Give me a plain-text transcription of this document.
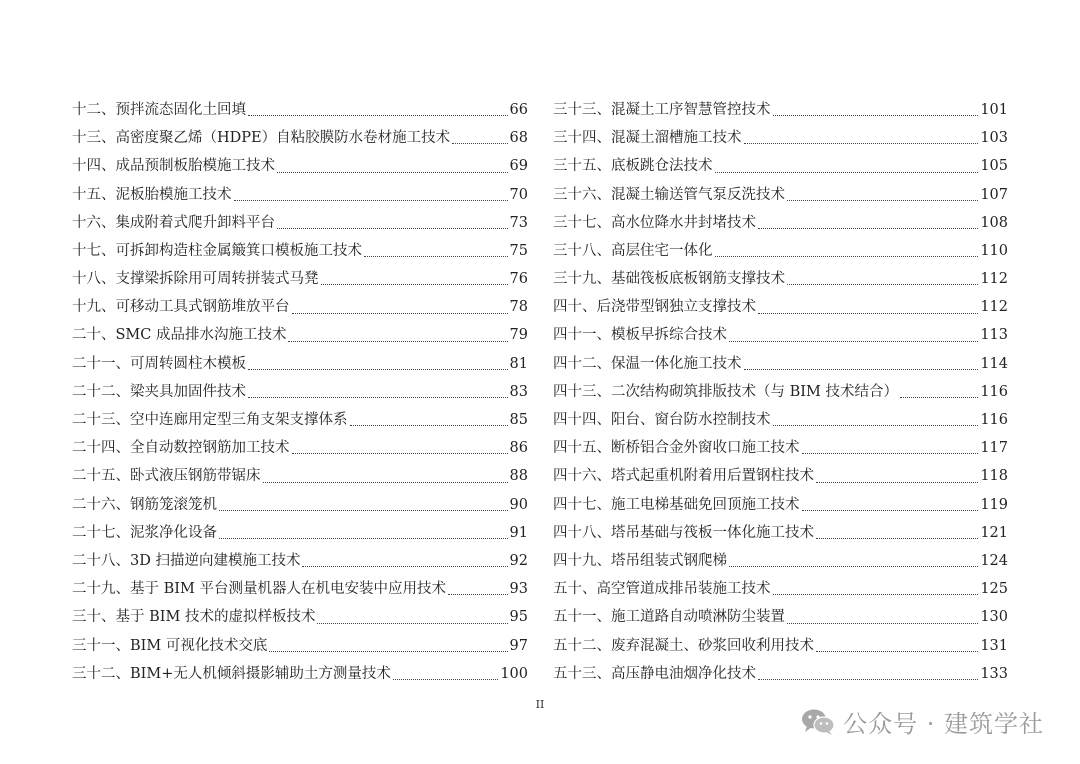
十二、预拌流态固化土回填	66
十三、高密度聚乙烯（HDPE）自粘胶膜防水卷材施工技术	68
十四、成品预制板胎模施工技术	69
十五、泥板胎模施工技术	70
十六、集成附着式爬升卸料平台	73
十七、可拆卸构造柱金属簸箕口模板施工技术	75
十八、支撑梁拆除用可周转拼装式马凳	76
十九、可移动工具式钢筋堆放平台	78
二十、SMC 成品排水沟施工技术	79
二十一、可周转圆柱木模板	81
二十二、梁夹具加固件技术	83
二十三、空中连廊用定型三角支架支撑体系	85
二十四、全自动数控钢筋加工技术	86
二十五、卧式液压钢筋带锯床	88
二十六、钢筋笼滚笼机	90
二十七、泥浆净化设备	91
二十八、3D 扫描逆向建模施工技术	92
二十九、基于 BIM 平台测量机器人在机电安装中应用技术	93
三十、基于 BIM 技术的虚拟样板技术	95
三十一、BIM 可视化技术交底	97
三十二、BIM+无人机倾斜摄影辅助土方测量技术	100
三十三、混凝土工序智慧管控技术	101
三十四、混凝土溜槽施工技术	103
三十五、底板跳仓法技术	105
三十六、混凝土输送管气泵反洗技术	107
三十七、高水位降水井封堵技术	108
三十八、高层住宅一体化	110
三十九、基础筏板底板钢筋支撑技术	112
四十、后浇带型钢独立支撑技术	112
四十一、模板早拆综合技术	113
四十二、保温一体化施工技术	114
四十三、二次结构砌筑排版技术（与 BIM 技术结合）	116
四十四、阳台、窗台防水控制技术	116
四十五、断桥铝合金外窗收口施工技术	117
四十六、塔式起重机附着用后置钢柱技术	118
四十七、施工电梯基础免回顶施工技术	119
四十八、塔吊基础与筏板一体化施工技术	121
四十九、塔吊组装式钢爬梯	124
五十、高空管道成排吊装施工技术	125
五十一、施工道路自动喷淋防尘装置	130
五十二、废弃混凝土、砂浆回收利用技术	131
五十三、高压静电油烟净化技术	133
II
公众号 · 建筑学社
